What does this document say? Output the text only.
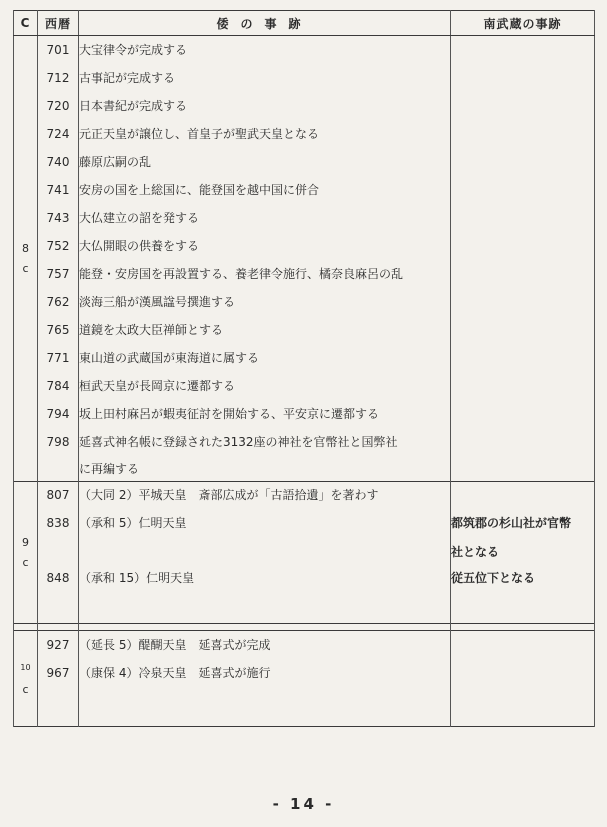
C	西暦	倭の事跡	南武蔵の事跡

8
c	701	大宝律令が完成する	
	712	古事記が完成する	
	720	日本書紀が完成する	
	724	元正天皇が譲位し、首皇子が聖武天皇となる	
	740	藤原広嗣の乱	
	741	安房の国を上総国に、能登国を越中国に併合	
	743	大仏建立の詔を発する	
	752	大仏開眼の供養をする	
	757	能登・安房国を再設置する、養老律令施行、橘奈良麻呂の乱	
	762	淡海三船が漢風諡号撰進する	
	765	道鏡を太政大臣禅師とする	
	771	東山道の武蔵国が東海道に属する	
	784	桓武天皇が長岡京に遷都する	
	794	坂上田村麻呂が蝦夷征討を開始する、平安京に遷都する	
	798	延喜式神名帳に登録された3132座の神社を官幣社と国弊社	
		に再編する	

9
c	807	（大同 2）平城天皇　斎部広成が「古語拾遺」を著わす	
	838	（承和 5）仁明天皇	都筑郡の杉山社が官幣
			社となる
	848	（承和 15）仁明天皇	従五位下となる

10
c	927	（延長 5）醍醐天皇　延喜式が完成	
	967	（康保 4）冷泉天皇　延喜式が施行	

- 14 -
